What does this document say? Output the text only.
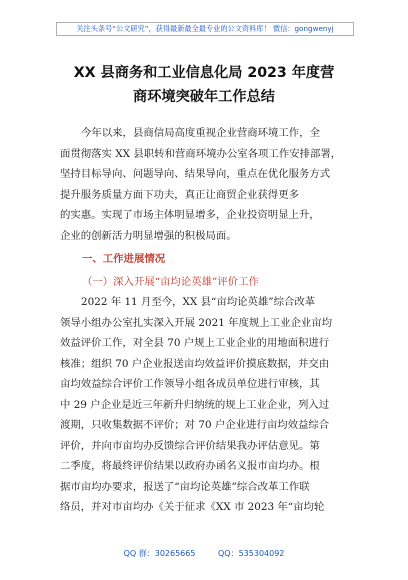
关注头条号“公文研究”，获得最新最全最专业的公文资料库！ 微信：gongwenyj
XX 县商务和工业信息化局 2023 年度营
商环境突破年工作总结
今年以来，县商信局高度重视企业营商环境工作，全
面贯彻落实 XX 县职转和营商环境办公室各项工作安排部署，
坚持目标导向、问题导向、结果导向，重点在优化服务方式
提升服务质量方面下功夫，真正让商贸企业获得更多
的实惠。实现了市场主体明显增多，企业投资明显上升，
企业的创新活力明显增强的积极局面。
一、工作进展情况
（一）深入开展“亩均论英雄”评价工作
2022 年 11 月至今，XX 县“亩均论英雄”综合改革
领导小组办公室扎实深入开展 2021 年度规上工业企业亩均
效益评价工作，对全县 70 户规上工业企业的用地面积进行
核准；组织 70 户企业报送亩均效益评价摸底数据，并交由
亩均效益综合评价工作领导小组各成员单位进行审核，其
中 29 户企业是近三年新升归纳统的规上工业企业，列入过
渡期，只收集数据不评价；对 70 户企业进行亩均效益综合
评价，并向市亩均办反馈综合评价结果我办评估意见。第
二季度，将最终评价结果以政府办函名义报市亩均办。根
据市亩均办要求，报送了“亩均论英雄”综合改革工作联
络员，并对市亩均办《关于征求《XX 市 2023 年“亩均轮
QQ 群：30265665	QQ：535304092
